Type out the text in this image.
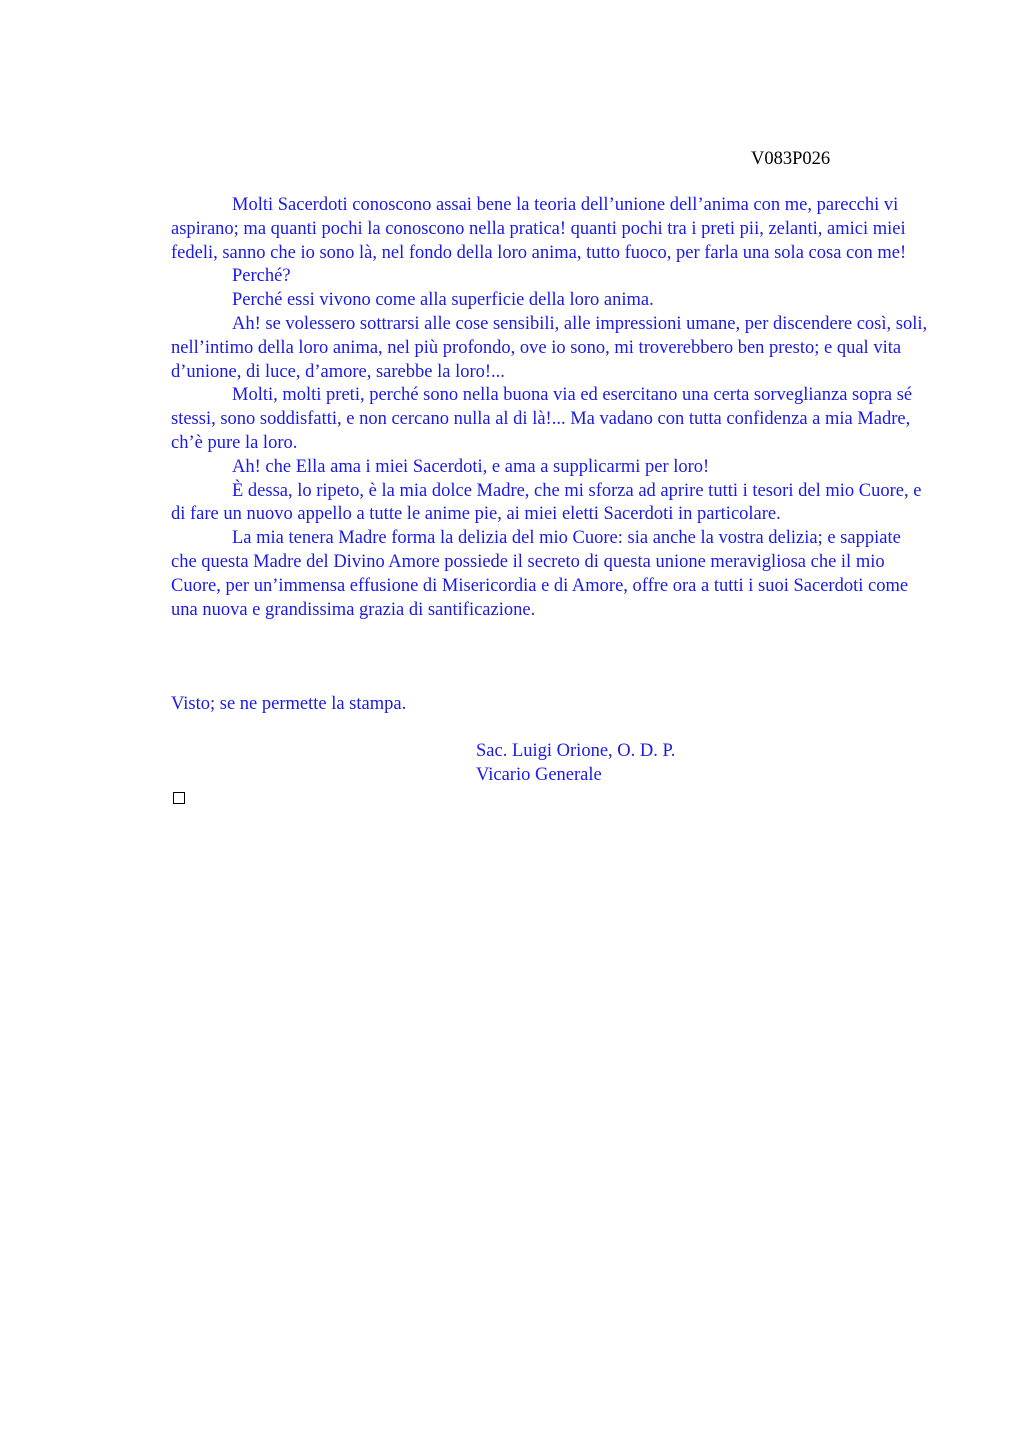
V083P026

Molti Sacerdoti conoscono assai bene la teoria dell’unione dell’anima con me, parecchi vi aspirano; ma quanti pochi la conoscono nella pratica! quanti pochi tra i preti pii, zelanti, amici miei fedeli, sanno che io sono là, nel fondo della loro anima, tutto fuoco, per farla una sola cosa con me!

Perché?

Perché essi vivono come alla superficie della loro anima.

Ah! se volessero sottrarsi alle cose sensibili, alle impressioni umane, per discendere così, soli, nell’intimo della loro anima, nel più profondo, ove io sono, mi troverebbero ben presto; e qual vita d’unione, di luce, d’amore, sarebbe la loro!...

Molti, molti preti, perché sono nella buona via ed esercitano una certa sorveglianza sopra sé stessi, sono soddisfatti, e non cercano nulla al di là!... Ma vadano con tutta confidenza a mia Madre, ch’è pure la loro.

Ah! che Ella ama i miei Sacerdoti, e ama a supplicarmi per loro!

È dessa, lo ripeto, è la mia dolce Madre, che mi sforza ad aprire tutti i tesori del mio Cuore, e di fare un nuovo appello a tutte le anime pie, ai miei eletti Sacerdoti in particolare.

La mia tenera Madre forma la delizia del mio Cuore: sia anche la vostra delizia; e sappiate che questa Madre del Divino Amore possiede il secreto di questa unione meravigliosa che il mio Cuore, per un’immensa effusione di Misericordia e di Amore, offre ora a tutti i suoi Sacerdoti come una nuova e grandissima grazia di santificazione.

Visto; se ne permette la stampa.
Sac. Luigi Orione, O. D. P.
Vicario Generale
